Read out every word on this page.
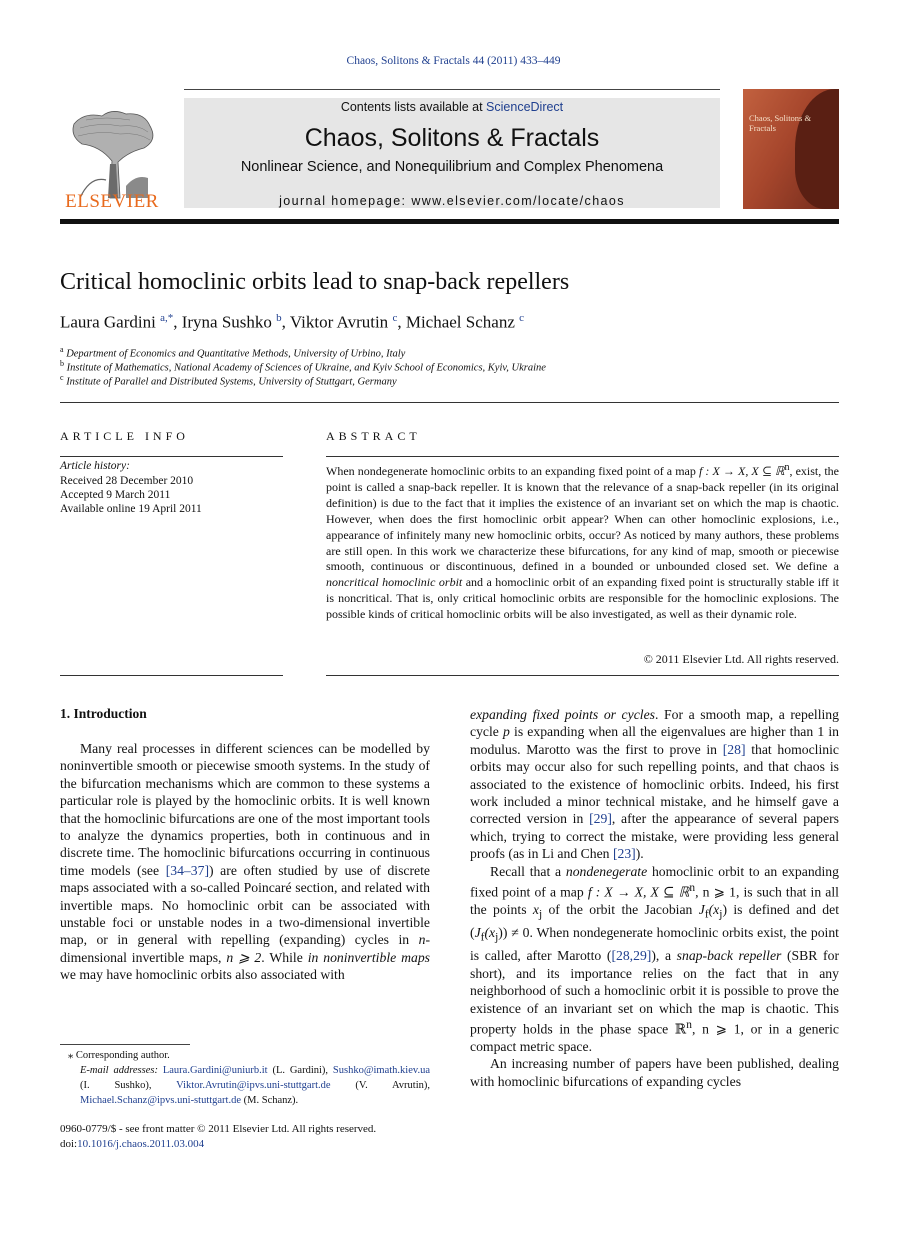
Chaos, Solitons & Fractals 44 (2011) 433–449
ELSEVIER
Contents lists available at ScienceDirect
Chaos, Solitons & Fractals
Nonlinear Science, and Nonequilibrium and Complex Phenomena
journal homepage: www.elsevier.com/locate/chaos
Chaos, Solitons & Fractals
Critical homoclinic orbits lead to snap-back repellers
Laura Gardini $^{a,*}$, Iryna Sushko $^b$, Viktor Avrutin $^c$, Michael Schanz $^c$
$^a$ Department of Economics and Quantitative Methods, University of Urbino, Italy
$^b$ Institute of Mathematics, National Academy of Sciences of Ukraine, and Kyiv School of Economics, Kyiv, Ukraine
$^c$ Institute of Parallel and Distributed Systems, University of Stuttgart, Germany
ARTICLE INFO
Article history:
Received 28 December 2010
Accepted 9 March 2011
Available online 19 April 2011
ABSTRACT
When nondegenerate homoclinic orbits to an expanding fixed point of a map f : X → X, X ⊆ ℝ$^n$, exist, the point is called a snap-back repeller. It is known that the relevance of a snap-back repeller (in its original definition) is due to the fact that it implies the existence of an invariant set on which the map is chaotic. However, when does the first homoclinic orbit appear? When can other homoclinic explosions, i.e., appearance of infinitely many new homoclinic orbits, occur? As noticed by many authors, these problems are still open. In this work we characterize these bifurcations, for any kind of map, smooth or piecewise smooth, continuous or discontinuous, defined in a bounded or unbounded closed set. We define a noncritical homoclinic orbit and a homoclinic orbit of an expanding fixed point is structurally stable iff it is noncritical. That is, only critical homoclinic orbits are responsible for the homoclinic explosions. The possible kinds of critical homoclinic orbits will be also investigated, as well as their dynamic role.
© 2011 Elsevier Ltd. All rights reserved.
1. Introduction
Many real processes in different sciences can be modelled by noninvertible smooth or piecewise smooth systems. In the study of the bifurcation mechanisms which are common to these systems a particular role is played by the homoclinic orbits. It is well known that the homoclinic bifurcations are one of the most important tools to analyze the dynamics properties, both in continuous and in discrete time. The homoclinic bifurcations occurring in continuous time models (see [34–37]) are often studied by use of discrete maps associated with a so-called Poincaré section, and related with invertible maps. No homoclinic orbit can be associated with unstable foci or unstable nodes in a two-dimensional invertible map, or in general with repelling (expanding) cycles in n-dimensional invertible maps, n ⩾ 2. While in noninvertible maps we may have homoclinic orbits also associated with

expanding fixed points or cycles. For a smooth map, a repelling cycle p is expanding when all the eigenvalues are higher than 1 in modulus. Marotto was the first to prove in [28] that homoclinic orbits may occur also for such repelling points, and that chaos is associated to the existence of homoclinic orbits. Indeed, his first work included a minor technical mistake, and he himself gave a corrected version in [29], after the appearance of several papers which, trying to correct the mistake, were providing less general proofs (as in Li and Chen [23]).

Recall that a nondenegerate homoclinic orbit to an expanding fixed point of a map f : X → X, X ⊆ ℝ$^n$, n ⩾ 1, is such that in all the points $x_j$ of the orbit the Jacobian $J_f(x_j)$ is defined and $\det (J_f(x_j)) \ne 0$. When nondegenerate homoclinic orbits exist, the point is called, after Marotto ([28,29]), a snap-back repeller (SBR for short), and its importance relies on the fact that in any neighborhood of such a homoclinic orbit it is possible to prove the existence of an invariant set on which the map is chaotic. This property holds in the phase space ℝ$^n$, n ⩾ 1, or in a generic compact metric space.

An increasing number of papers have been published, dealing with homoclinic bifurcations of expanding cycles

⁎ Corresponding author.
E-mail addresses: Laura.Gardini@uniurb.it (L. Gardini), Sushko@imath.kiev.ua (I. Sushko), Viktor.Avrutin@ipvs.uni-stuttgart.de (V. Avrutin), Michael.Schanz@ipvs.uni-stuttgart.de (M. Schanz).
0960-0779/$ - see front matter © 2011 Elsevier Ltd. All rights reserved.
doi:10.1016/j.chaos.2011.03.004
